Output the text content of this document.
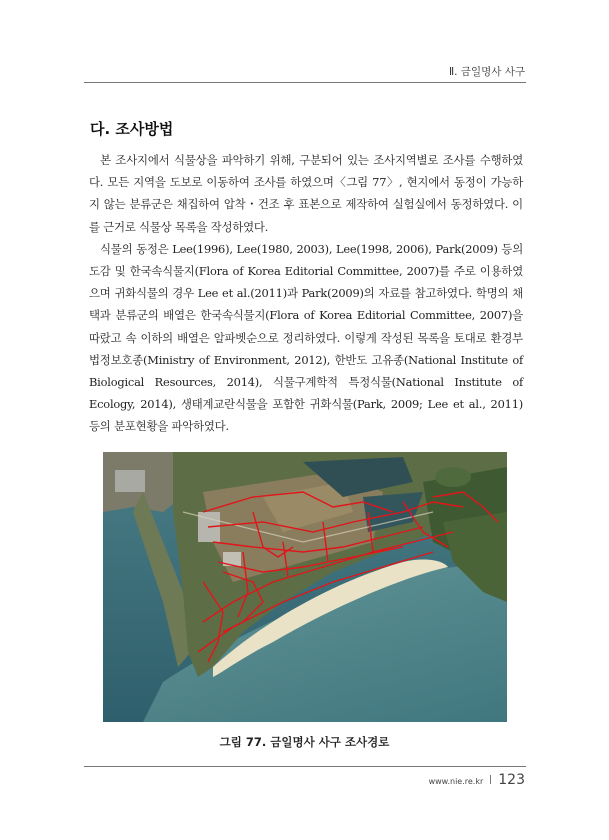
Ⅱ. 금일명사 사구
다. 조사방법

본 조사지에서 식물상을 파악하기 위해, 구분되어 있는 조사지역별로 조사를 수행하였다. 모든 지역을 도보로 이동하여 조사를 하였으며〈그림 77〉, 현지에서 동정이 가능하지 않는 분류군은 채집하여 압착・건조 후 표본으로 제작하여 실험실에서 동정하였다. 이를 근거로 식물상 목록을 작성하였다.

식물의 동정은 Lee(1996), Lee(1980, 2003), Lee(1998, 2006), Park(2009) 등의 도감 및 한국속식물지(Flora of Korea Editorial Committee, 2007)를 주로 이용하였으며 귀화식물의 경우 Lee et al.(2011)과 Park(2009)의 자료를 참고하였다. 학명의 채택과 분류군의 배열은 한국속식물지(Flora of Korea Editorial Committee, 2007)을 따랐고 속 이하의 배열은 알파벳순으로 정리하였다. 이렇게 작성된 목록을 토대로 환경부 법정보호종(Ministry of Environment, 2012), 한반도 고유종(National Institute of Biological Resources, 2014), 식물구계학적 특정식물(National Institute of Ecology, 2014), 생태계교란식물을 포함한 귀화식물(Park, 2009; Lee et al., 2011) 등의 분포현황을 파악하였다.

그림 77. 금일명사 사구 조사경로
www.nie.re.kr 123
